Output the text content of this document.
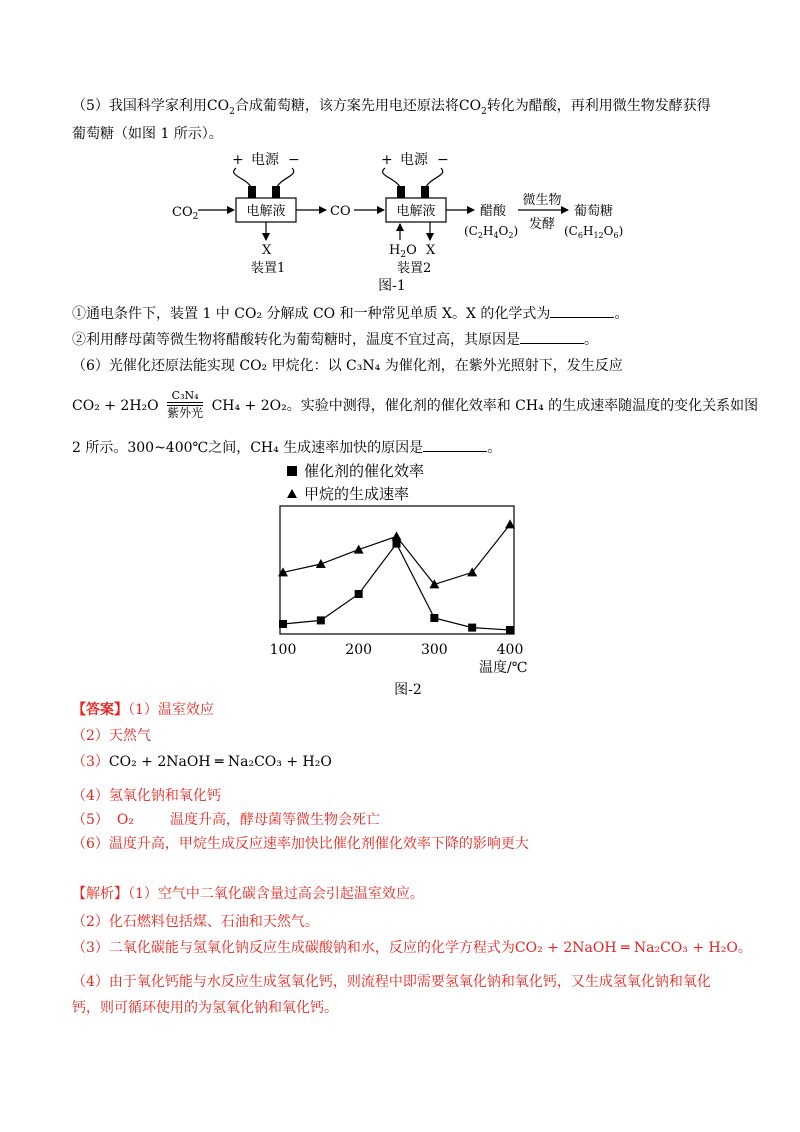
（5）我国科学家利用$CO_2$合成葡萄糖，该方案先用电还原法将$CO_2$转化为醋酸，再利用微生物发酵获得
葡萄糖（如图 1 所示）。
+ 电源 −
电解液
$CO_2$
X
装置1
CO
+ 电源 −
电解液
$H_2O$ X
装置2
醋酸
$(C_2H_4O_2)$
微生物
发酵
葡萄糖
$(C_6H_{12}O_6)$
图-1
①通电条件下，装置 1 中 CO₂ 分解成 CO 和一种常见单质 X。X 的化学式为	。
②利用酵母菌等微生物将醋酸转化为葡萄糖时，温度不宜过高，其原因是	。
（6）光催化还原法能实现 CO₂ 甲烷化：以 C₃N₄ 为催化剂，在紫外光照射下，发生反应
$CO_2 + 2H_2O \frac{\text{C₃N₄}}{\text{紫外光}} CH_4 + 2O_2$。实验中测得，催化剂的催化效率和 CH₄ 的生成速率随温度的变化关系如图
2 所示。300~400℃之间，CH₄ 生成速率加快的原因是	。
催化剂的催化效率
甲烷的生成速率
100	200	300	400
温度/℃
图-2
【答案】（1）温室效应
（2）天然气
（3）CO₂ + 2NaOH ═ Na₂CO₃ + H₂O
（4）氢氧化钠和氧化钙
（5） O₂	温度升高，酵母菌等微生物会死亡
（6）温度升高，甲烷生成反应速率加快比催化剂催化效率下降的影响更大
【解析】（1）空气中二氧化碳含量过高会引起温室效应。
（2）化石燃料包括煤、石油和天然气。
（3）二氧化碳能与氢氧化钠反应生成碳酸钠和水，反应的化学方程式为CO₂ + 2NaOH ═ Na₂CO₃ + H₂O。
（4）由于氧化钙能与水反应生成氢氧化钙，则流程中即需要氢氧化钠和氧化钙，又生成氢氧化钠和氧化
钙，则可循环使用的为氢氧化钠和氧化钙。
